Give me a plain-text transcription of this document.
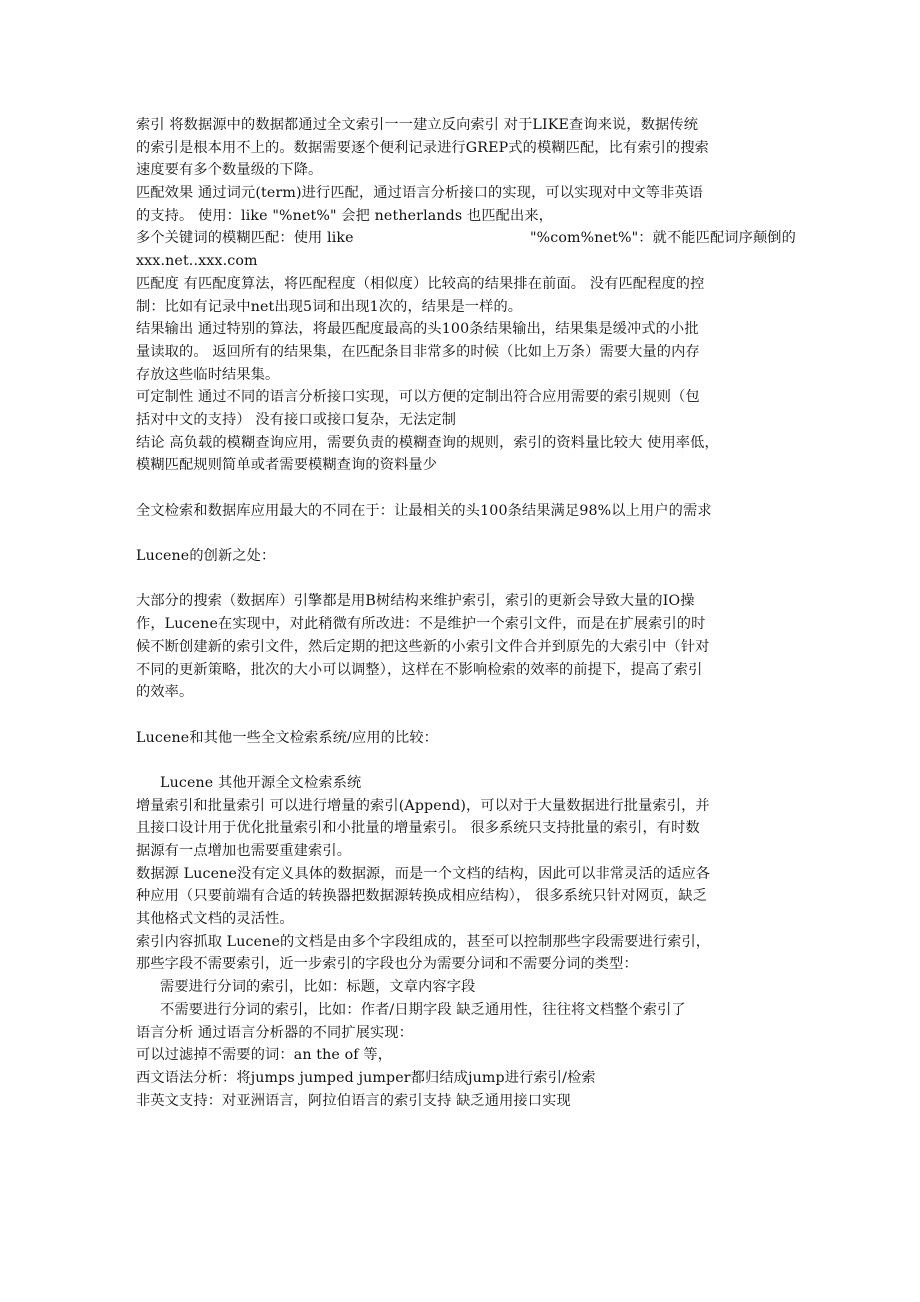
索引 将数据源中的数据都通过全文索引一一建立反向索引 对于LIKE查询来说，数据传统
的索引是根本用不上的。数据需要逐个便利记录进行GREP式的模糊匹配，比有索引的搜索
速度要有多个数量级的下降。
匹配效果 通过词元(term)进行匹配，通过语言分析接口的实现，可以实现对中文等非英语
的支持。 使用：like "%net%" 会把 netherlands 也匹配出来，
多个关键词的模糊匹配：使用 like	"%com%net%"：就不能匹配词序颠倒的
xxx.net..xxx.com
匹配度 有匹配度算法，将匹配程度（相似度）比较高的结果排在前面。 没有匹配程度的控
制：比如有记录中net出现5词和出现1次的，结果是一样的。
结果输出 通过特别的算法，将最匹配度最高的头100条结果输出，结果集是缓冲式的小批
量读取的。 返回所有的结果集，在匹配条目非常多的时候（比如上万条）需要大量的内存
存放这些临时结果集。
可定制性 通过不同的语言分析接口实现，可以方便的定制出符合应用需要的索引规则（包
括对中文的支持） 没有接口或接口复杂，无法定制
结论 高负载的模糊查询应用，需要负责的模糊查询的规则，索引的资料量比较大 使用率低，
模糊匹配规则简单或者需要模糊查询的资料量少
全文检索和数据库应用最大的不同在于：让最相关的头100条结果满足98%以上用户的需求
Lucene的创新之处：
大部分的搜索（数据库）引擎都是用B树结构来维护索引，索引的更新会导致大量的IO操
作，Lucene在实现中，对此稍微有所改进：不是维护一个索引文件，而是在扩展索引的时
候不断创建新的索引文件，然后定期的把这些新的小索引文件合并到原先的大索引中（针对
不同的更新策略，批次的大小可以调整），这样在不影响检索的效率的前提下，提高了索引
的效率。
Lucene和其他一些全文检索系统/应用的比较：
Lucene 其他开源全文检索系统
增量索引和批量索引 可以进行增量的索引(Append)，可以对于大量数据进行批量索引，并
且接口设计用于优化批量索引和小批量的增量索引。 很多系统只支持批量的索引，有时数
据源有一点增加也需要重建索引。
数据源 Lucene没有定义具体的数据源，而是一个文档的结构，因此可以非常灵活的适应各
种应用（只要前端有合适的转换器把数据源转换成相应结构）， 很多系统只针对网页，缺乏
其他格式文档的灵活性。
索引内容抓取 Lucene的文档是由多个字段组成的，甚至可以控制那些字段需要进行索引，
那些字段不需要索引，近一步索引的字段也分为需要分词和不需要分词的类型：
需要进行分词的索引，比如：标题，文章内容字段
不需要进行分词的索引，比如：作者/日期字段 缺乏通用性，往往将文档整个索引了
语言分析 通过语言分析器的不同扩展实现：
可以过滤掉不需要的词：an the of 等，
西文语法分析：将jumps jumped jumper都归结成jump进行索引/检索
非英文支持：对亚洲语言，阿拉伯语言的索引支持 缺乏通用接口实现
